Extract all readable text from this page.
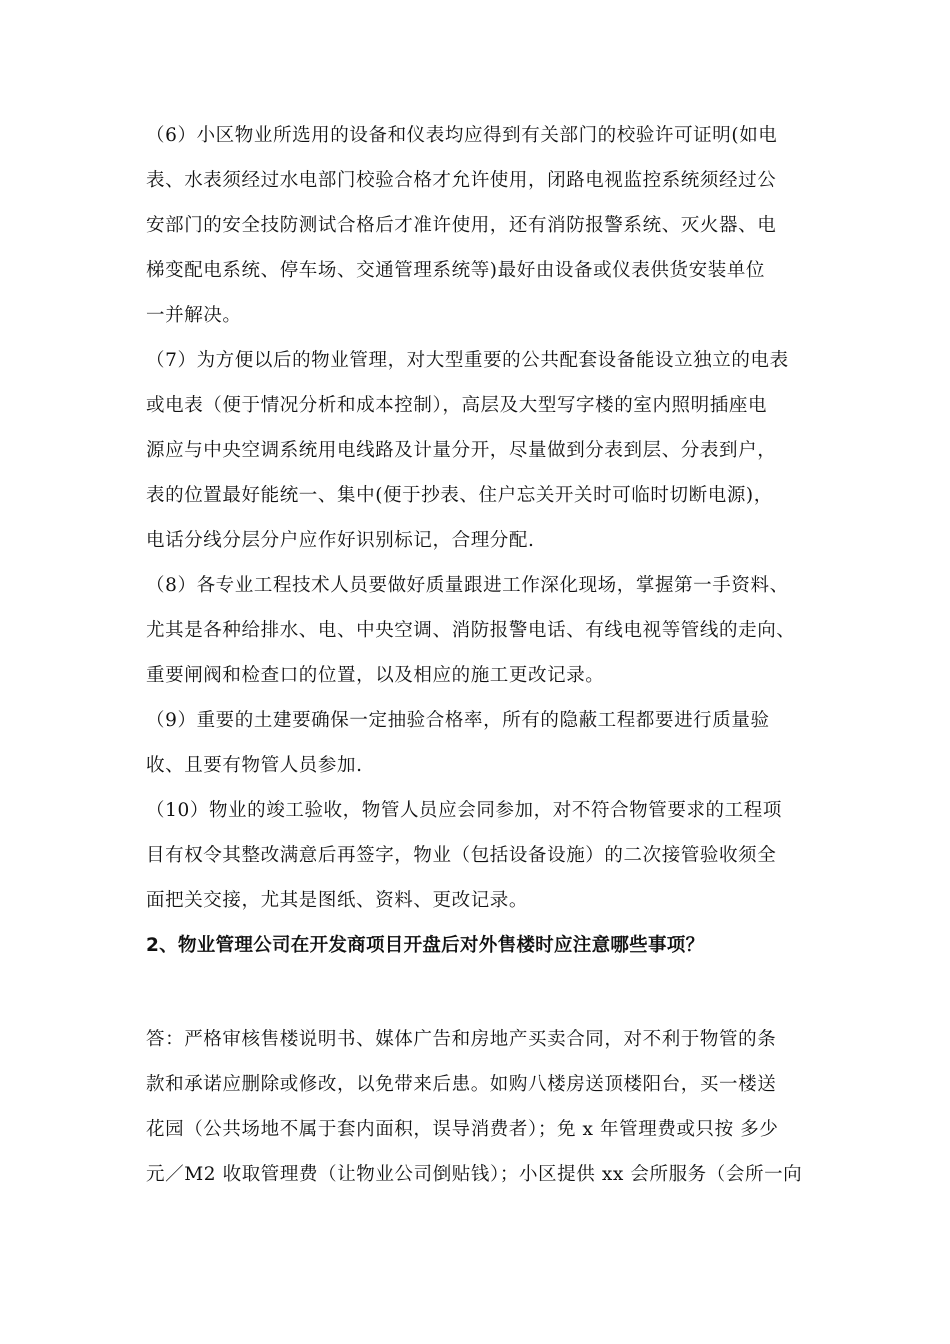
（6）小区物业所选用的设备和仪表均应得到有关部门的校验许可证明(如电
表、水表须经过水电部门校验合格才允许使用，闭路电视监控系统须经过公
安部门的安全技防测试合格后才准许使用，还有消防报警系统、灭火器、电
梯变配电系统、停车场、交通管理系统等)最好由设备或仪表供货安装单位
一并解决。
（7）为方便以后的物业管理，对大型重要的公共配套设备能设立独立的电表
或电表（便于情况分析和成本控制），高层及大型写字楼的室内照明插座电
源应与中央空调系统用电线路及计量分开，尽量做到分表到层、分表到户，
表的位置最好能统一、集中(便于抄表、住户忘关开关时可临时切断电源)，
电话分线分层分户应作好识别标记，合理分配.
（8）各专业工程技术人员要做好质量跟进工作深化现场，掌握第一手资料、
尤其是各种给排水、电、中央空调、消防报警电话、有线电视等管线的走向、
重要闸阀和检查口的位置，以及相应的施工更改记录。
（9）重要的土建要确保一定抽验合格率，所有的隐蔽工程都要进行质量验
收、且要有物管人员参加.
（10）物业的竣工验收，物管人员应会同参加，对不符合物管要求的工程项
目有权令其整改满意后再签字，物业（包括设备设施）的二次接管验收须全
面把关交接，尤其是图纸、资料、更改记录。
2、物业管理公司在开发商项目开盘后对外售楼时应注意哪些事项？
答：严格审核售楼说明书、媒体广告和房地产买卖合同，对不利于物管的条
款和承诺应删除或修改，以免带来后患。如购八楼房送顶楼阳台，买一楼送
花园（公共场地不属于套内面积，误导消费者）；免 x 年管理费或只按 多少
元／M2 收取管理费（让物业公司倒贴钱）；小区提供 xx 会所服务（会所一向
